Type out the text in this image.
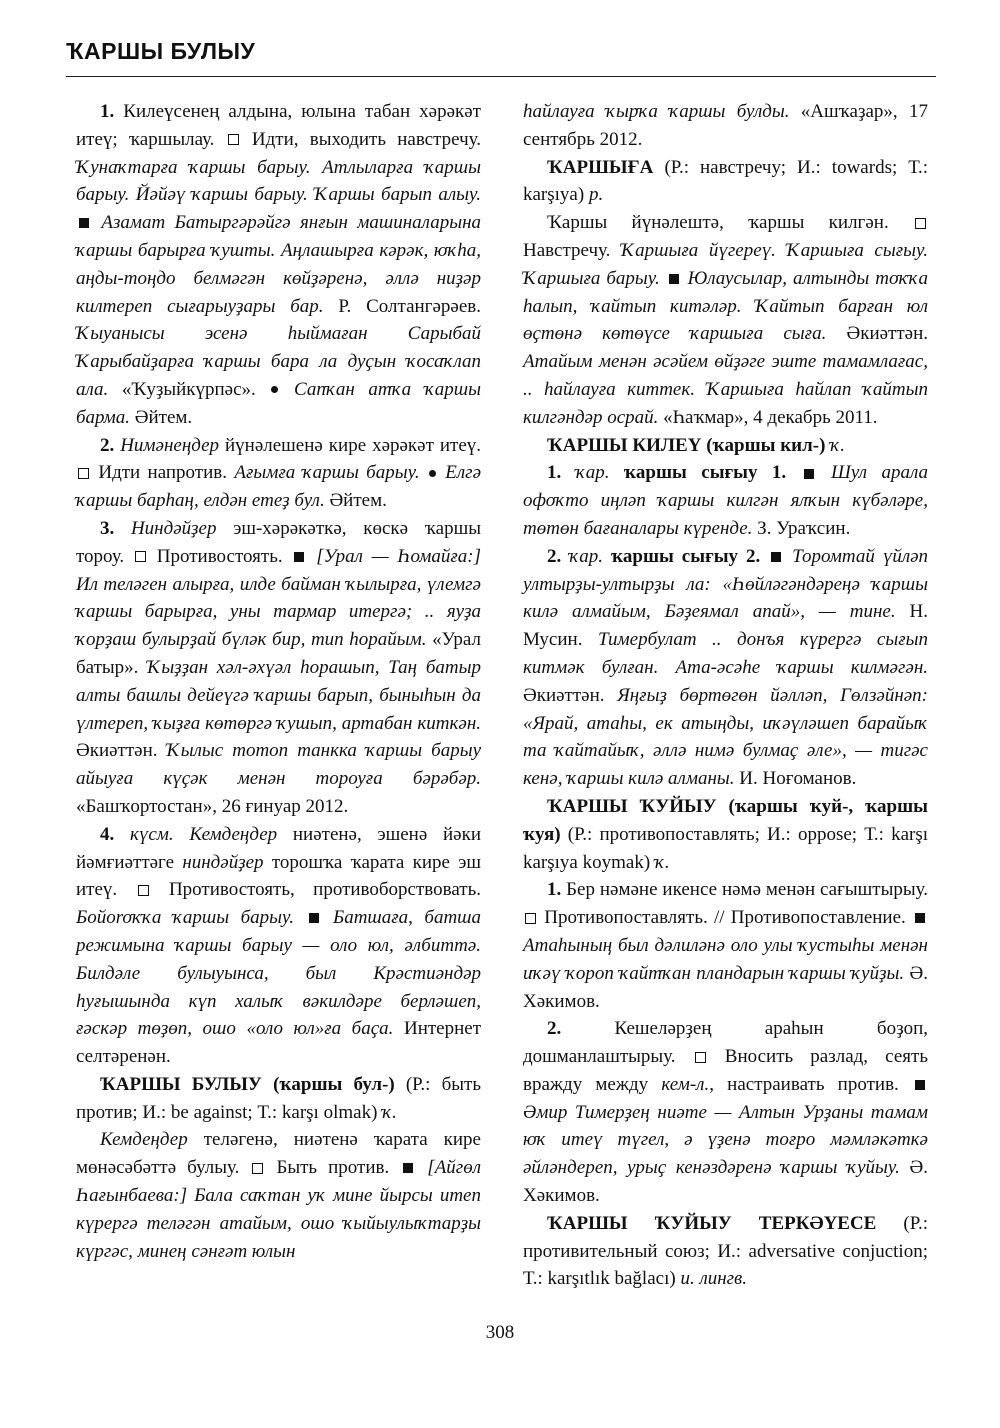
ҠАРШЫ БУЛЫУ

1. Килеүсенең алдына, юлына табан хәрәкәт итеү; ҡаршылау.  Идти, выходить навстречу. Ҡунаҡтарға ҡаршы барыу. Атлыларға ҡаршы барыу. Йәйәү ҡаршы барыу. Ҡаршы барып алыу.  Азамат Батыргәрәйгә янғын машиналарына ҡаршы барырға ҡушты. Аңлашырға кәрәк, юҡһа, аңды-тоңдо белмәгән көйҙәренә, әллә ниҙәр килтереп сығарыуҙары бар. Р. Солтангәрәев. Ҡыуанысы эсенә һыймаған Сарыбай Ҡарыбайҙарға ҡаршы бара ла дуҫын ҡосаҡлап ала. «Ҡуҙыйкүрпәс».  Сапҡан атҡа ҡаршы барма. Әйтем.

2. Нимәнеңдер йүнәлешенә кире хәрәкәт итеү.  Идти напротив. Ағымға ҡаршы барыу. Елгә ҡаршы барһаң, елдән етеҙ бул. Әйтем.

3. Ниндәйҙер эш-хәрәкәткә, көскә ҡаршы тороу.  Противостоять. [Урал — Һомайға:] Ил теләген алырға, илде байман ҡылырға, үлемгә ҡаршы барырға, уны тармар итергә; .. яуҙа ҡорҙаш булырҙай бүләк бир, тип һорайым. «Урал батыр». Ҡыҙҙан хәл-әхүәл һорашып, Таң батыр алты башлы дейеүгә ҡаршы барып, быныһын да үлтереп, ҡыҙға көтөргә ҡушып, артабан киткән. Әкиәттән. Ҡылыс тотоп танкка ҡаршы барыу айыуға күҫәк менән тороуға бәрәбәр. «Башҡортостан», 26 ғинуар 2012.

4. күсм. Кемдеңдер ниәтенә, эшенә йәки йәмғиәттәге ниндәйҙер торошҡа ҡарата кире эш итеү.  Противостоять, противоборствовать. Бойоroҡҡа ҡаршы барыу. Батшаға, батша режимына ҡаршы барыу — оло юл, әлбиттә. Билдәле булыуынса, был Крәстиәндәр һуғышында күп халыҡ вәкилдәре берләшеп, ғәскәр төҙөп, ошо «оло юл»ға баҫа. Интернет селтәренән.

ҠАРШЫ БУЛЫУ (ҡаршы бул-) (Р.: быть против; И.: be against; Т.: karşı olmak) ҡ.

Кемдеңдер теләгенә, ниәтенә ҡарата кире мөнәсәбәттә булыу.  Быть против. [Айгөл Һағынбаева:] Бала саҡтан уҡ мине йырсы итеп күрергә теләгән атайым, ошо ҡыйыулыҡтарҙы күргәс, минең сәнғәт юлын

һайлауға ҡырҡа ҡаршы булды. «Ашҡаҙар», 17 сентябрь 2012.

ҠАРШЫҒА (Р.: навстречу; И.: towards; Т.: karşıya) р.

Ҡаршы йүнәлештә, ҡаршы килгән.  Навстречу. Ҡаршыға йүгереү. Ҡаршыға сығыу. Ҡаршыға барыу. Юлаусылар, алтынды тоҡҡа һалып, ҡайтып китәләр. Ҡайтып барған юл өҫтөнә көтөүсе ҡаршыға сыға. Әкиәттән. Атайым менән әсәйем өйҙәге эште тамамлағас, .. һайлауға киттек. Ҡаршыға һайлап ҡайтып килгәндәр осрай. «Һаҡмар», 4 декабрь 2011.

ҠАРШЫ КИЛЕҮ (ҡаршы кил-) ҡ.

1. ҡар. ҡаршы сығыу 1. Шул арала офоҡто иңләп ҡаршы килгән ялҡын күбәләре, төтөн бағаналары күренде. З. Ураҡсин.

2. ҡар. ҡаршы сығыу 2. Торомтай үйләп ултырҙы-ултырҙы ла: «Һөйләгәндәреңә ҡаршы килә алмайым, Бәҙеямал апай», — тине. Н. Мусин. Тимербулат .. донъя күрергә сығып китмәк булған. Ата-әсәһе ҡаршы килмәгән. Әкиәттән. Яңғыҙ бөртөгөн йәлләп, Гөлзәйнәп: «Ярай, атаһы, ек атыңды, иҡәүләшеп барайыҡ та ҡайтайыҡ, әллә нимә булмаҫ әле», — тигәс кенә, ҡаршы килә алманы. И. Ноғоманов.

ҠАРШЫ ҠУЙЫУ (ҡаршы ҡуй-, ҡаршы ҡуя) (Р.: противопоставлять; И.: oppose; Т.: karşı karşıya koymak) ҡ.

1. Бер нәмәне икенсе нәмә менән сағыштырыу.  Противопоставлять. // Противопоставление.  Атаһының был дәлиләнә оло улы ҡустыһы менән иҡәү ҡороп ҡайтҡан пландарын ҡаршы ҡуйҙы. Ә. Хәкимов.

2. Кешеләрҙең араһын боҙоп, дошманлаштырыу.  Вносить разлад, сеять вражду между кем-л., настраивать против.  Әмир Тимерҙең ниәте — Алтын Урҙаны тамам юҡ итеү түгел, ә үҙенә тоғро мәмләкәткә әйләндереп, урыҫ кенәздәренә ҡаршы ҡуйыу. Ә. Хәкимов.

ҠАРШЫ ҠУЙЫУ ТЕРКӘҮЕСЕ (Р.: противительный союз; И.: adversative conjuction; Т.: karşıtlık bağlacı) и. лингв.

308
